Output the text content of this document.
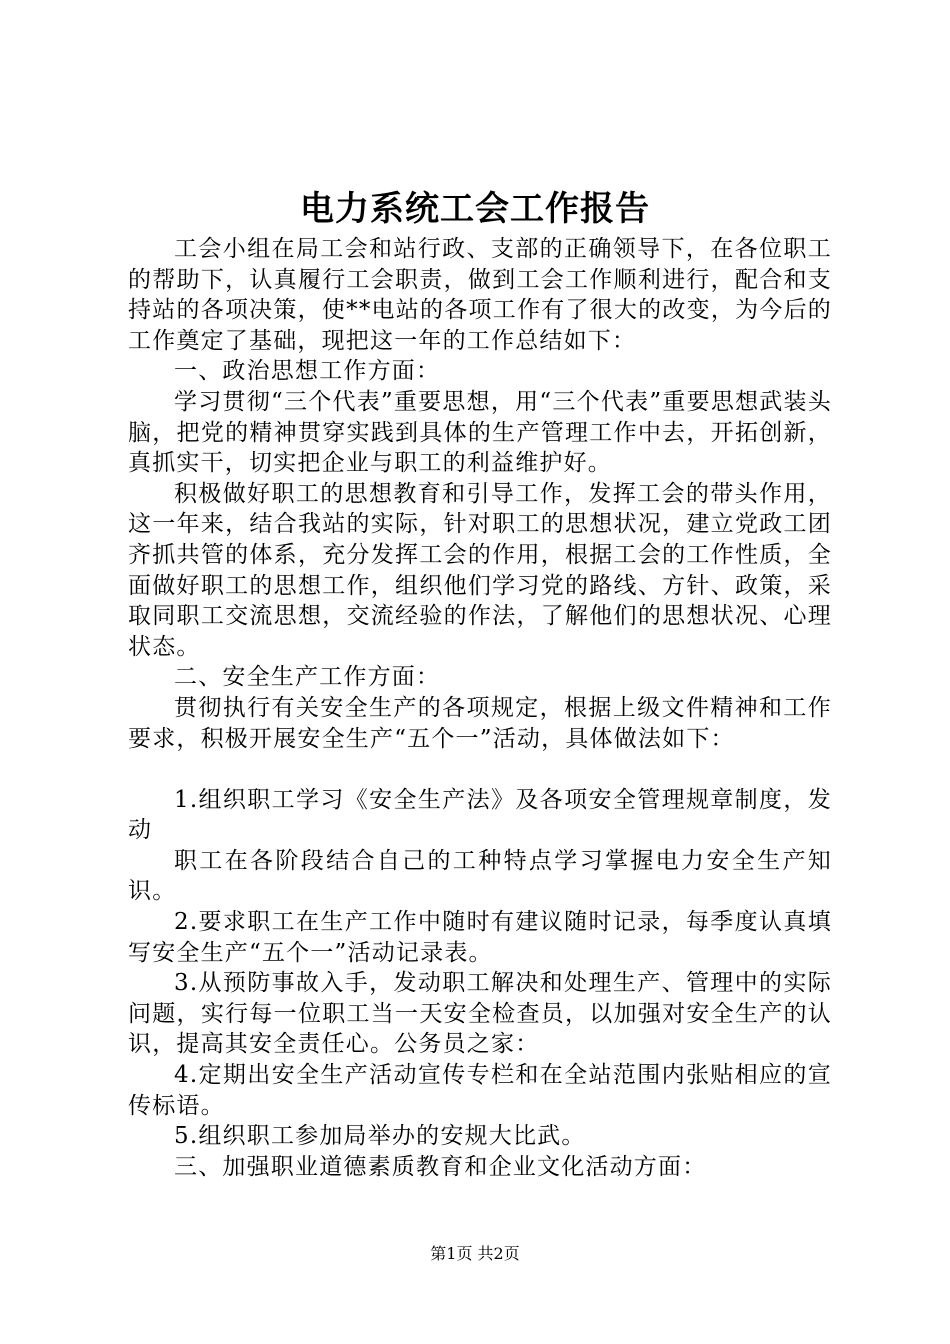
电力系统工会工作报告

工会小组在局工会和站行政、支部的正确领导下，在各位职工的帮助下，认真履行工会职责，做到工会工作顺利进行，配合和支持站的各项决策，使**电站的各项工作有了很大的改变，为今后的工作奠定了基础，现把这一年的工作总结如下：

一、政治思想工作方面：

学习贯彻“三个代表”重要思想，用“三个代表”重要思想武装头脑，把党的精神贯穿实践到具体的生产管理工作中去，开拓创新，真抓实干，切实把企业与职工的利益维护好。

积极做好职工的思想教育和引导工作，发挥工会的带头作用，这一年来，结合我站的实际，针对职工的思想状况，建立党政工团齐抓共管的体系，充分发挥工会的作用，根据工会的工作性质，全面做好职工的思想工作，组织他们学习党的路线、方针、政策，采取同职工交流思想，交流经验的作法，了解他们的思想状况、心理状态。

二、安全生产工作方面：

贯彻执行有关安全生产的各项规定，根据上级文件精神和工作要求，积极开展安全生产“五个一”活动，具体做法如下：

1.组织职工学习《安全生产法》及各项安全管理规章制度，发动

职工在各阶段结合自己的工种特点学习掌握电力安全生产知识。

2.要求职工在生产工作中随时有建议随时记录，每季度认真填写安全生产“五个一”活动记录表。

3.从预防事故入手，发动职工解决和处理生产、管理中的实际问题，实行每一位职工当一天安全检查员，以加强对安全生产的认识，提高其安全责任心。公务员之家：

4.定期出安全生产活动宣传专栏和在全站范围内张贴相应的宣传标语。

5.组织职工参加局举办的安规大比武。

三、加强职业道德素质教育和企业文化活动方面：

第1页 共2页
